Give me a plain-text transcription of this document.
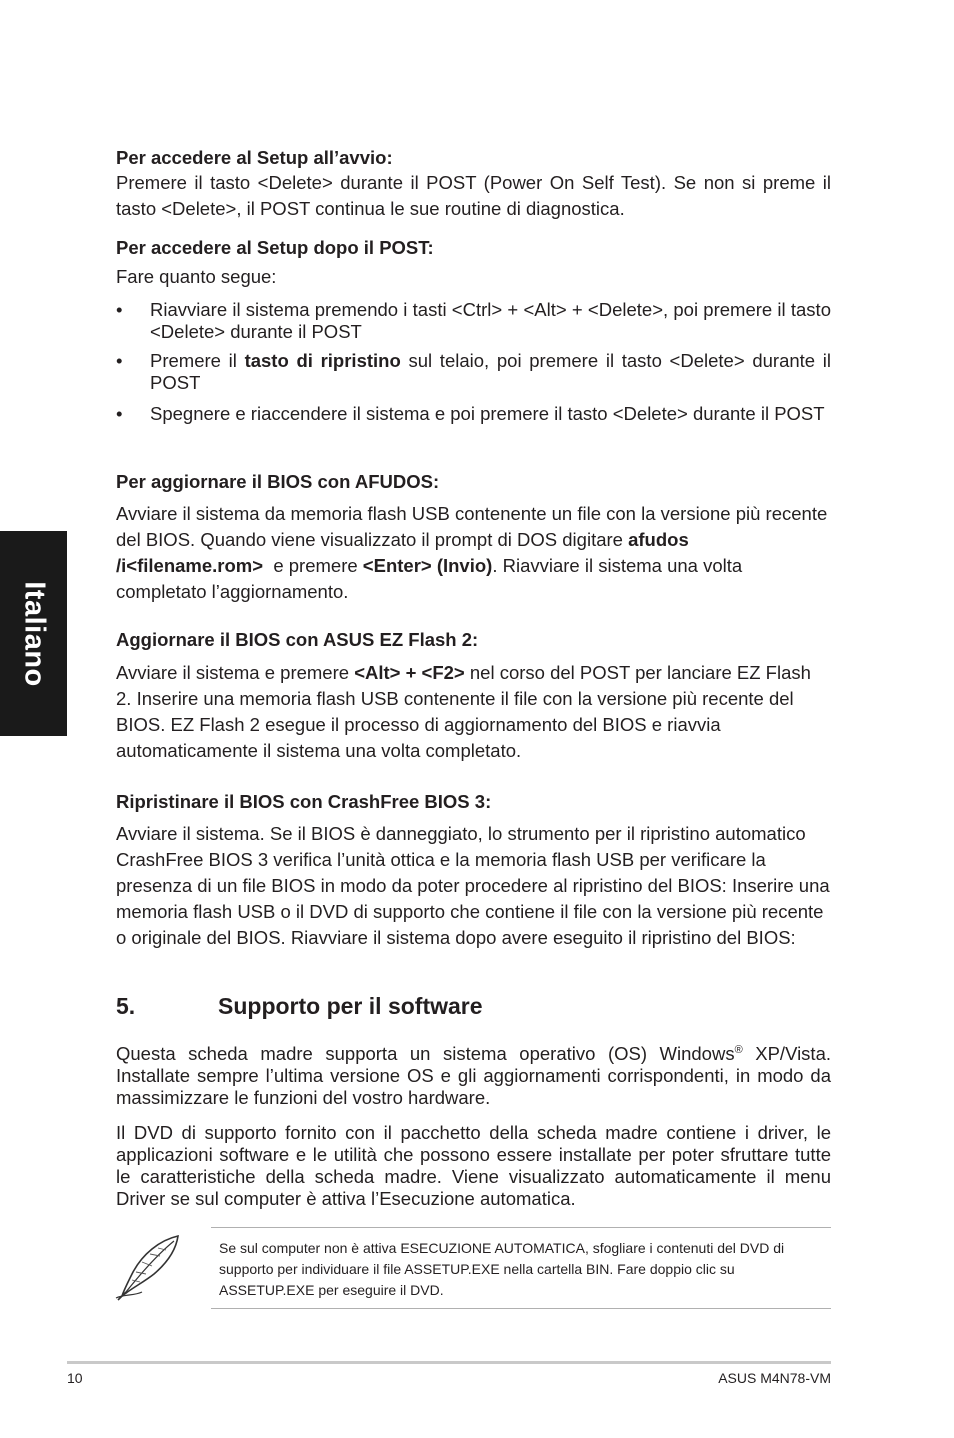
Italiano
Per accedere al Setup all’avvio:

Premere il tasto <Delete> durante il POST (Power On Self Test). Se non si preme il tasto <Delete>, il POST continua le sue routine di diagnostica.

Per accedere al Setup dopo il POST:

Fare quanto segue:

• Riavviare il sistema premendo i tasti <Ctrl> + <Alt> + <Delete>, poi premere il tasto <Delete> durante il POST
• Premere il tasto di ripristino sul telaio, poi premere il tasto <Delete> durante il POST
• Spegnere e riaccendere il sistema e poi premere il tasto <Delete> durante il POST
Per aggiornare il BIOS con AFUDOS:

Avviare il sistema da memoria flash USB contenente un file con la versione più recente del BIOS. Quando viene visualizzato il prompt di DOS digitare afudos /i<filename.rom>  e premere <Enter> (Invio). Riavviare il sistema una volta completato l’aggiornamento.

Aggiornare il BIOS con ASUS EZ Flash 2:

Avviare il sistema e premere <Alt> + <F2> nel corso del POST per lanciare EZ Flash 2. Inserire una memoria flash USB contenente il file con la versione più recente del BIOS. EZ Flash 2 esegue il processo di aggiornamento del BIOS e riavvia automaticamente il sistema una volta completato.

Ripristinare il BIOS con CrashFree BIOS 3:

Avviare il sistema. Se il BIOS è danneggiato, lo strumento per il ripristino automatico CrashFree BIOS 3 verifica l’unità ottica e la memoria flash USB per verificare la presenza di un file BIOS in modo da poter procedere al ripristino del BIOS: Inserire una memoria flash USB o il DVD di supporto che contiene il file con la versione più recente o originale del BIOS. Riavviare il sistema dopo avere eseguito il ripristino del BIOS:

5.	Supporto per il software

Questa scheda madre supporta un sistema operativo (OS) Windows® XP/Vista. Installate sempre l’ultima versione OS e gli aggiornamenti corrispondenti, in modo da massimizzare le funzioni del vostro hardware.

Il DVD di supporto fornito con il pacchetto della scheda madre contiene i driver, le applicazioni software e le utilità che possono essere installate per poter sfruttare tutte le caratteristiche della scheda madre. Viene visualizzato automaticamente il menu Driver se sul computer è attiva l’Esecuzione automatica.

Se sul computer non è attiva ESECUZIONE AUTOMATICA, sfogliare i contenuti del DVD di supporto per individuare il file ASSETUP.EXE nella cartella BIN. Fare doppio clic su ASSETUP.EXE per eseguire il DVD.

10	ASUS M4N78-VM
